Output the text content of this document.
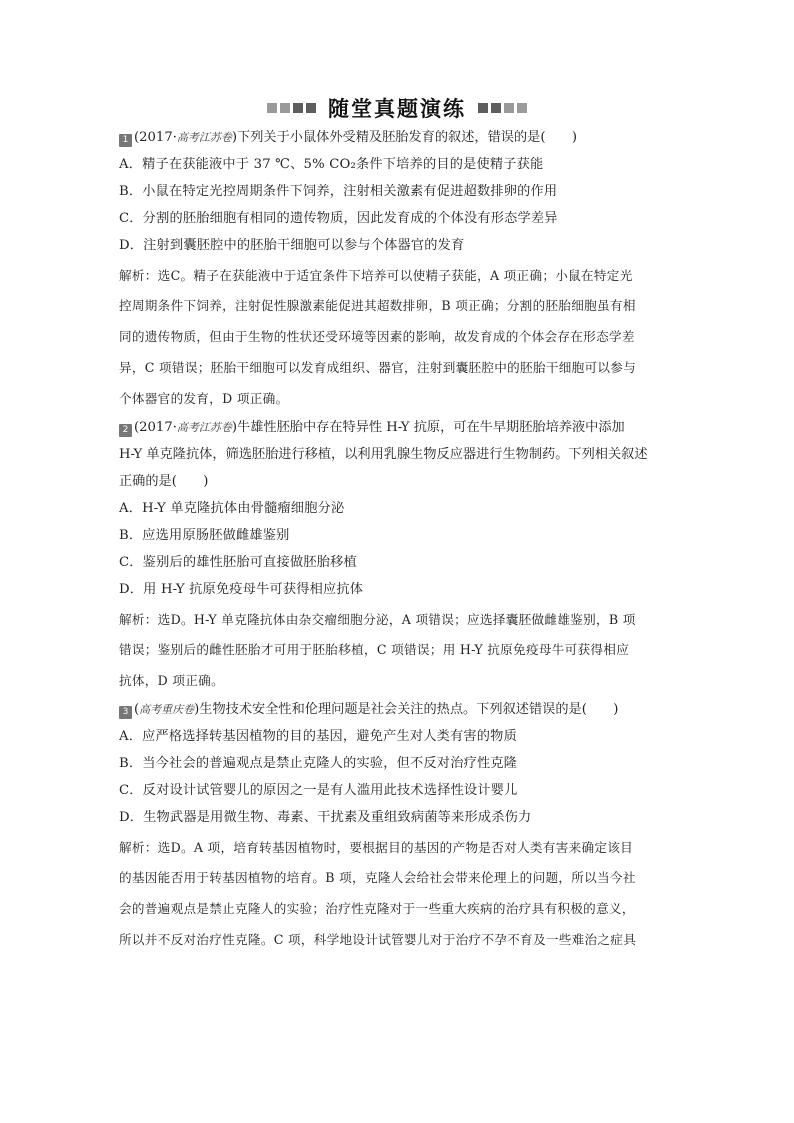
随堂真题演练
1 (2017·高考江苏卷)下列关于小鼠体外受精及胚胎发育的叙述，错误的是(　　)
A．精子在获能液中于 37 ℃、5% CO₂条件下培养的目的是使精子获能
B．小鼠在特定光控周期条件下饲养，注射相关激素有促进超数排卵的作用
C．分割的胚胎细胞有相同的遗传物质，因此发育成的个体没有形态学差异
D．注射到囊胚腔中的胚胎干细胞可以参与个体器官的发育
解析：选C。精子在获能液中于适宜条件下培养可以使精子获能，A 项正确；小鼠在特定光
控周期条件下饲养，注射促性腺激素能促进其超数排卵，B 项正确；分割的胚胎细胞虽有相
同的遗传物质，但由于生物的性状还受环境等因素的影响，故发育成的个体会存在形态学差
异，C 项错误；胚胎干细胞可以发育成组织、器官，注射到囊胚腔中的胚胎干细胞可以参与
个体器官的发育，D 项正确。
2 (2017·高考江苏卷)牛雄性胚胎中存在特异性 H-Y 抗原，可在牛早期胚胎培养液中添加
H-Y 单克隆抗体，筛选胚胎进行移植，以利用乳腺生物反应器进行生物制药。下列相关叙述
正确的是(　　)
A．H-Y 单克隆抗体由骨髓瘤细胞分泌
B．应选用原肠胚做雌雄鉴别
C．鉴别后的雄性胚胎可直接做胚胎移植
D．用 H-Y 抗原免疫母牛可获得相应抗体
解析：选D。H-Y 单克隆抗体由杂交瘤细胞分泌，A 项错误；应选择囊胚做雌雄鉴别，B 项
错误；鉴别后的雌性胚胎才可用于胚胎移植，C 项错误；用 H-Y 抗原免疫母牛可获得相应
抗体，D 项正确。
3 (高考重庆卷)生物技术安全性和伦理问题是社会关注的热点。下列叙述错误的是(　　)
A．应严格选择转基因植物的目的基因，避免产生对人类有害的物质
B．当今社会的普遍观点是禁止克隆人的实验，但不反对治疗性克隆
C．反对设计试管婴儿的原因之一是有人滥用此技术选择性设计婴儿
D．生物武器是用微生物、毒素、干扰素及重组致病菌等来形成杀伤力
解析：选D。A 项，培育转基因植物时，要根据目的基因的产物是否对人类有害来确定该目
的基因能否用于转基因植物的培育。B 项，克隆人会给社会带来伦理上的问题，所以当今社
会的普遍观点是禁止克隆人的实验；治疗性克隆对于一些重大疾病的治疗具有积极的意义，
所以并不反对治疗性克隆。C 项，科学地设计试管婴儿对于治疗不孕不育及一些难治之症具
